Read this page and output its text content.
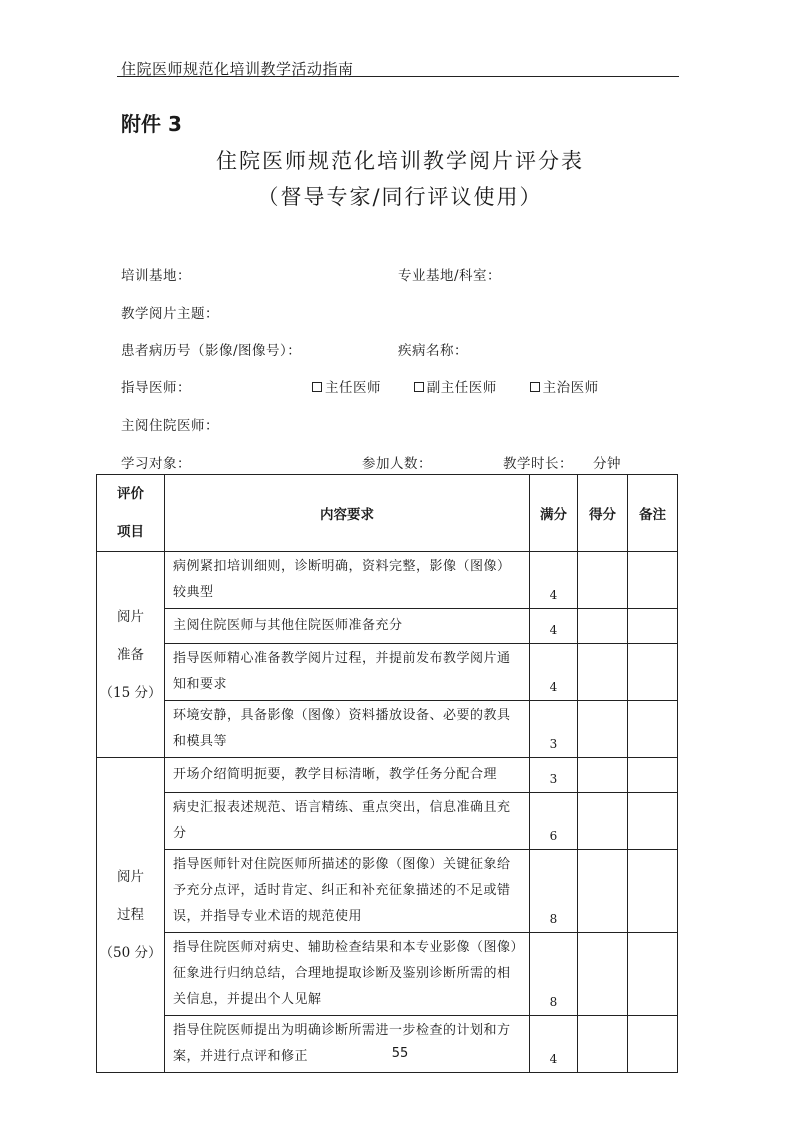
住院医师规范化培训教学活动指南
附件 3
住院医师规范化培训教学阅片评分表
（督导专家/同行评议使用）
培训基地：	专业基地/科室：
教学阅片主题：
患者病历号（影像/图像号）：	疾病名称：
指导医师：	主任医师	副主任医师	主治医师
主阅住院医师：
学习对象：	参加人数：	教学时长： 分钟
评价
项目	内容要求	满分	得分	备注
阅片
准备
（15 分）	病例紧扣培训细则，诊断明确，资料完整，影像（图像）较典型	4		
	主阅住院医师与其他住院医师准备充分	4		
	指导医师精心准备教学阅片过程，并提前发布教学阅片通知和要求	4		
	环境安静，具备影像（图像）资料播放设备、必要的教具和模具等	3		
阅片
过程
（50 分）	开场介绍简明扼要，教学目标清晰，教学任务分配合理	3		
	病史汇报表述规范、语言精练、重点突出，信息准确且充分	6		
	指导医师针对住院医师所描述的影像（图像）关键征象给予充分点评，适时肯定、纠正和补充征象描述的不足或错误，并指导专业术语的规范使用	8		
	指导住院医师对病史、辅助检查结果和本专业影像（图像）征象进行归纳总结，合理地提取诊断及鉴别诊断所需的相关信息，并提出个人见解	8		
	指导住院医师提出为明确诊断所需进一步检查的计划和方案，并进行点评和修正	4		
55
